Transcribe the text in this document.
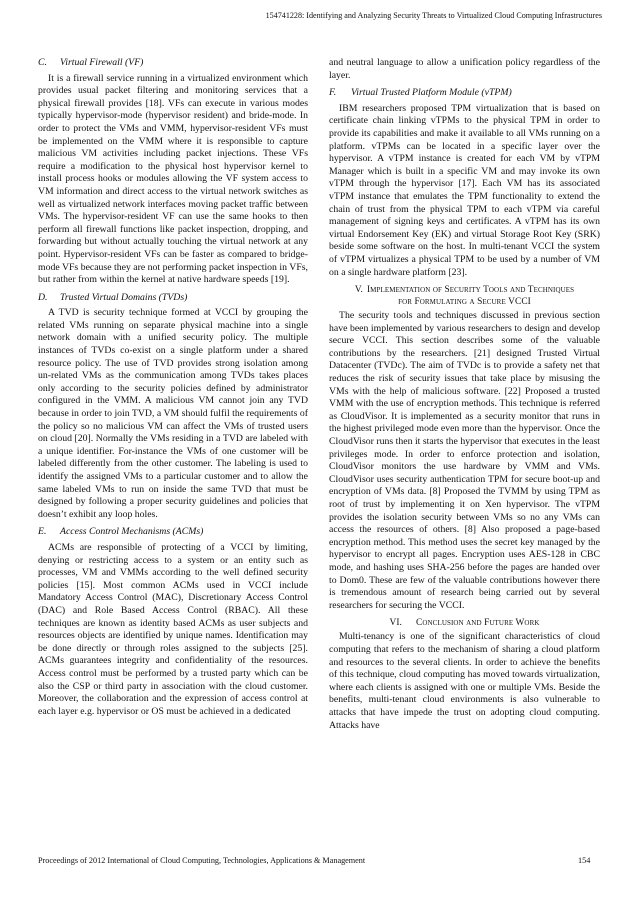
154741228: Identifying and Analyzing Security Threats to Virtualized Cloud Computing Infrastructures
C. Virtual Firewall (VF)

It is a firewall service running in a virtualized environment which provides usual packet filtering and monitoring services that a physical firewall provides [18]. VFs can execute in various modes typically hypervisor-mode (hypervisor resident) and bride-mode. In order to protect the VMs and VMM, hypervisor-resident VFs must be implemented on the VMM where it is responsible to capture malicious VM activities including packet injections. These VFs require a modification to the physical host hypervisor kernel to install process hooks or modules allowing the VF system access to VM information and direct access to the virtual network switches as well as virtualized network interfaces moving packet traffic between VMs. The hypervisor-resident VF can use the same hooks to then perform all firewall functions like packet inspection, dropping, and forwarding but without actually touching the virtual network at any point. Hypervisor-resident VFs can be faster as compared to bridge-mode VFs because they are not performing packet inspection in VFs, but rather from within the kernel at native hardware speeds [19].

D. Trusted Virtual Domains (TVDs)

A TVD is security technique formed at VCCI by grouping the related VMs running on separate physical machine into a single network domain with a unified security policy. The multiple instances of TVDs co-exist on a single platform under a shared resource policy. The use of TVD provides strong isolation among un-related VMs as the communication among TVDs takes places only according to the security policies defined by administrator configured in the VMM. A malicious VM cannot join any TVD because in order to join TVD, a VM should fulfil the requirements of the policy so no malicious VM can affect the VMs of trusted users on cloud [20]. Normally the VMs residing in a TVD are labeled with a unique identifier. For-instance the VMs of one customer will be labeled differently from the other customer. The labeling is used to identify the assigned VMs to a particular customer and to allow the same labeled VMs to run on inside the same TVD that must be designed by following a proper security guidelines and policies that doesn’t exhibit any loop holes.

E. Access Control Mechanisms (ACMs)

ACMs are responsible of protecting of a VCCI by limiting, denying or restricting access to a system or an entity such as processes, VM and VMMs according to the well defined security policies [15]. Most common ACMs used in VCCI include Mandatory Access Control (MAC), Discretionary Access Control (DAC) and Role Based Access Control (RBAC). All these techniques are known as identity based ACMs as user subjects and resources objects are identified by unique names. Identification may be done directly or through roles assigned to the subjects [25]. ACMs guarantees integrity and confidentiality of the resources. Access control must be performed by a trusted party which can be also the CSP or third party in association with the cloud customer. Moreover, the collaboration and the expression of access control at each layer e.g. hypervisor or OS must be achieved in a dedicated

and neutral language to allow a unification policy regardless of the layer.

F. Virtual Trusted Platform Module (vTPM)

IBM researchers proposed TPM virtualization that is based on certificate chain linking vTPMs to the physical TPM in order to provide its capabilities and make it available to all VMs running on a platform. vTPMs can be located in a specific layer over the hypervisor. A vTPM instance is created for each VM by vTPM Manager which is built in a specific VM and may invoke its own vTPM through the hypervisor [17]. Each VM has its associated vTPM instance that emulates the TPM functionality to extend the chain of trust from the physical TPM to each vTPM via careful management of signing keys and certificates. A vTPM has its own virtual Endorsement Key (EK) and virtual Storage Root Key (SRK) beside some software on the host. In multi-tenant VCCI the system of vTPM virtualizes a physical TPM to be used by a number of VM on a single hardware platform [23].

V. Implementation of Security Tools and Techniques
for Formulating a Secure VCCI

The security tools and techniques discussed in previous section have been implemented by various researchers to design and develop secure VCCI. This section describes some of the valuable contributions by the researchers. [21] designed Trusted Virtual Datacenter (TVDc). The aim of TVDc is to provide a safety net that reduces the risk of security issues that take place by misusing the VMs with the help of malicious software. [22] Proposed a trusted VMM with the use of encryption methods. This technique is referred as CloudVisor. It is implemented as a security monitor that runs in the highest privileged mode even more than the hypervisor. Once the CloudVisor runs then it starts the hypervisor that executes in the least privileges mode. In order to enforce protection and isolation, CloudVisor monitors the use hardware by VMM and VMs. CloudVisor uses security authentication TPM for secure boot-up and encryption of VMs data. [8] Proposed the TVMM by using TPM as root of trust by implementing it on Xen hypervisor. The vTPM provides the isolation security between VMs so no any VMs can access the resources of others. [8] Also proposed a page-based encryption method. This method uses the secret key managed by the hypervisor to encrypt all pages. Encryption uses AES-128 in CBC mode, and hashing uses SHA-256 before the pages are handed over to Dom0. These are few of the valuable contributions however there is tremendous amount of research being carried out by several researchers for securing the VCCI.

VI. Conclusion and Future Work

Multi-tenancy is one of the significant characteristics of cloud computing that refers to the mechanism of sharing a cloud platform and resources to the several clients. In order to achieve the benefits of this technique, cloud computing has moved towards virtualization, where each clients is assigned with one or multiple VMs. Beside the benefits, multi-tenant cloud environments is also vulnerable to attacks that have impede the trust on adopting cloud computing. Attacks have

Proceedings of 2012 International of Cloud Computing, Technologies, Applications & Management	154
